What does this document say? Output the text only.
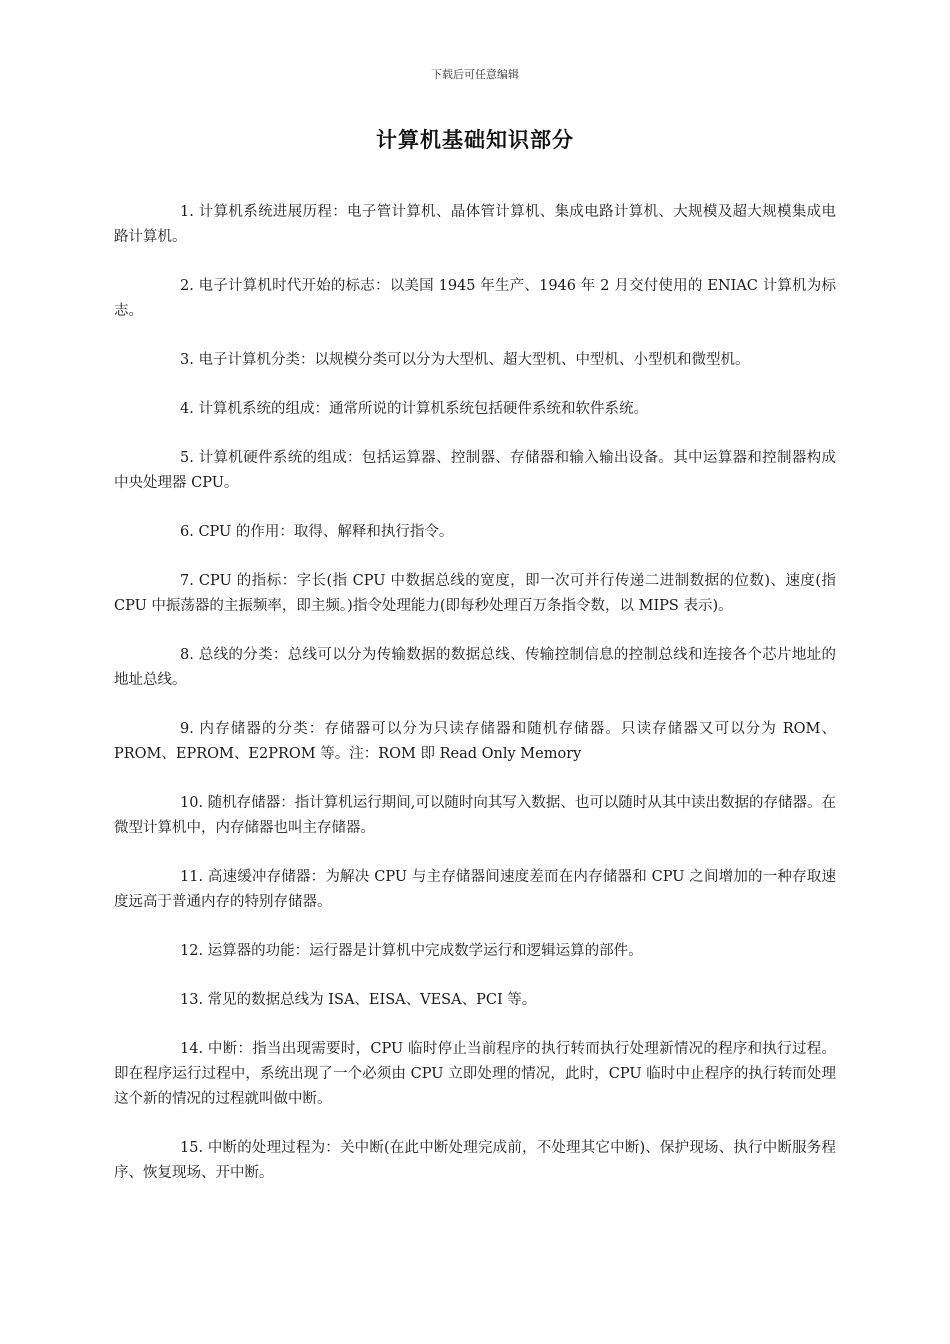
下载后可任意编辑
计算机基础知识部分

1. 计算机系统进展历程：电子管计算机、晶体管计算机、集成电路计算机、大规模及超大规模集成电路计算机。

2. 电子计算机时代开始的标志：以美国 1945 年生产、1946 年 2 月交付使用的 ENIAC 计算机为标志。

3. 电子计算机分类：以规模分类可以分为大型机、超大型机、中型机、小型机和微型机。

4. 计算机系统的组成：通常所说的计算机系统包括硬件系统和软件系统。

5. 计算机硬件系统的组成：包括运算器、控制器、存储器和输入输出设备。其中运算器和控制器构成中央处理器 CPU。

6. CPU 的作用：取得、解释和执行指令。

7. CPU 的指标：字长(指 CPU 中数据总线的宽度，即一次可并行传递二进制数据的位数)、速度(指 CPU 中振荡器的主振频率，即主频。)指令处理能力(即每秒处理百万条指令数，以 MIPS 表示)。

8. 总线的分类：总线可以分为传输数据的数据总线、传输控制信息的控制总线和连接各个芯片地址的地址总线。

9. 内存储器的分类：存储器可以分为只读存储器和随机存储器。只读存储器又可以分为 ROM、PROM、EPROM、E2PROM 等。注：ROM 即 Read Only Memory

10. 随机存储器：指计算机运行期间,可以随时向其写入数据、也可以随时从其中读出数据的存储器。在微型计算机中，内存储器也叫主存储器。

11. 高速缓冲存储器：为解决 CPU 与主存储器间速度差而在内存储器和 CPU 之间增加的一种存取速度远高于普通内存的特别存储器。

12. 运算器的功能：运行器是计算机中完成数学运行和逻辑运算的部件。

13. 常见的数据总线为 ISA、EISA、VESA、PCI 等。

14. 中断：指当出现需要时，CPU 临时停止当前程序的执行转而执行处理新情况的程序和执行过程。即在程序运行过程中，系统出现了一个必须由 CPU 立即处理的情况，此时，CPU 临时中止程序的执行转而处理这个新的情况的过程就叫做中断。

15. 中断的处理过程为：关中断(在此中断处理完成前，不处理其它中断)、保护现场、执行中断服务程序、恢复现场、开中断。
